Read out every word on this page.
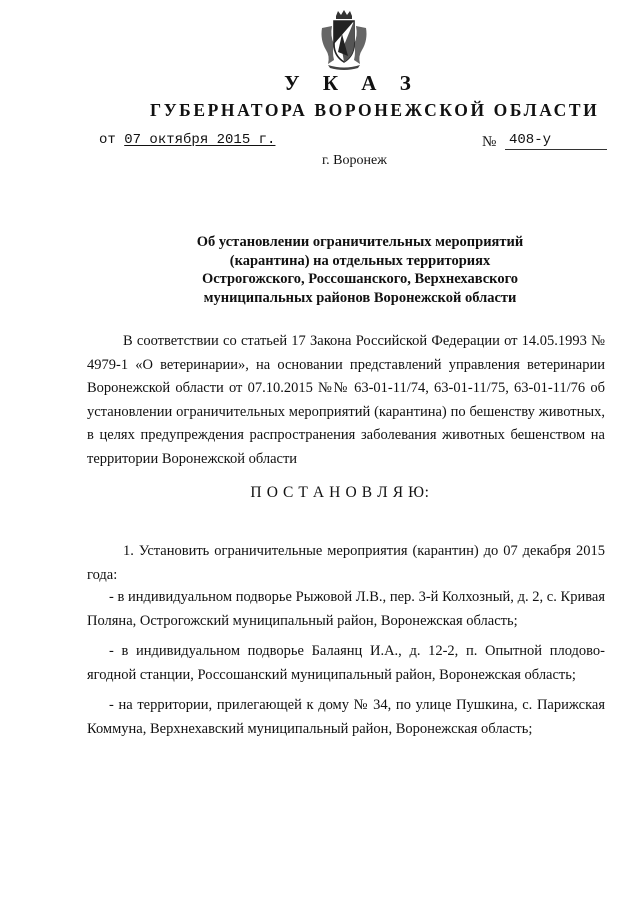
У К А З
ГУБЕРНАТОРА ВОРОНЕЖСКОЙ ОБЛАСТИ
от 07 октября 2015 г.	№ 408-у
г. Воронеж
Об установлении ограничительных мероприятий
(карантина) на отдельных территориях
Острогожского, Россошанского, Верхнехавского
муниципальных районов Воронежской области
В соответствии со статьей 17 Закона Российской Федерации от 14.05.1993 № 4979-1 «О ветеринарии», на основании представлений управления ветеринарии Воронежской области от 07.10.2015 №№ 63-01-11/74, 63-01-11/75, 63-01-11/76 об установлении ограничительных мероприятий (карантина) по бешенству животных, в целях предупреждения распространения заболевания животных бешенством на территории Воронежской области
П О С Т А Н О В Л Я Ю:
1. Установить ограничительные мероприятия (карантин) до 07 декабря 2015 года:
- в индивидуальном подворье Рыжовой Л.В., пер. 3-й Колхозный, д. 2, с. Кривая Поляна, Острогожский муниципальный район, Воронежская область;
- в индивидуальном подворье Балаянц И.А., д. 12-2, п. Опытной плодово-ягодной станции, Россошанский муниципальный район, Воронежская область;
- на территории, прилегающей к дому № 34, по улице Пушкина, с. Парижская Коммуна, Верхнехавский муниципальный район, Воронежская область;
